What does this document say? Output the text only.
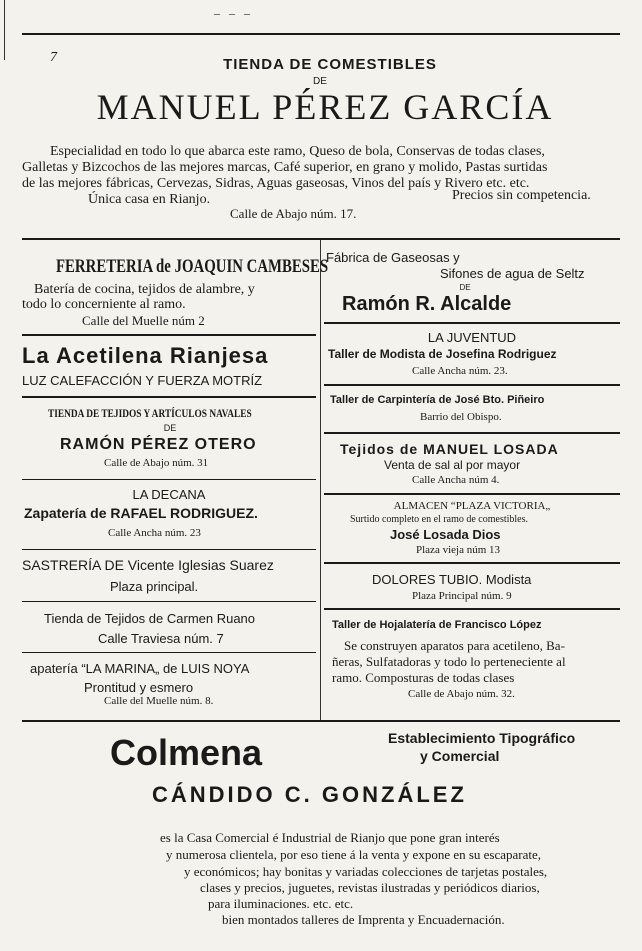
– – –
7	TIENDA DE COMESTIBLES
DE
MANUEL PÉREZ GARCÍA
Especialidad en todo lo que abarca este ramo, Queso de bola, Conservas de todas clases,
Galletas y Bizcochos de las mejores marcas, Café superior, en grano y molido, Pastas surtidas
de las mejores fábricas, Cervezas, Sidras, Aguas gaseosas, Vinos del país y Rivero etc. etc.
Única casa en Rianjo.	Precios sin competencia.
Calle de Abajo núm. 17.
FERRETERIA de JOAQUIN CAMBESES
Batería de cocina, tejidos de alambre, y
todo lo concerniente al ramo.
Calle del Muelle núm 2
La Acetilena Rianjesa
LUZ CALEFACCIÓN Y FUERZA MOTRÍZ
TIENDA DE TEJIDOS Y ARTÍCULOS NAVALES
DE
RAMÓN PÉREZ OTERO
Calle de Abajo núm. 31
LA DECANA
Zapatería de RAFAEL RODRIGUEZ.
Calle Ancha núm. 23
SASTRERÍA DE Vicente Iglesias Suarez
Plaza principal.
Tienda de Tejidos de Carmen Ruano
Calle Traviesa núm. 7
apatería “LA MARINA„ de LUIS NOYA
Prontitud y esmero
Calle del Muelle núm. 8.
Fábrica de Gaseosas y
Sifones de agua de Seltz
DE
Ramón R. Alcalde
LA JUVENTUD
Taller de Modista de Josefina Rodriguez
Calle Ancha núm. 23.
Taller de Carpintería de José Bto. Piñeiro
Barrio del Obispo.
Tejidos de MANUEL LOSADA
Venta de sal al por mayor
Calle Ancha núm 4.
ALMACEN “PLAZA VICTORIA„
Surtido completo en el ramo de comestibles.
José Losada Dios
Plaza vieja núm 13
DOLORES TUBIO. Modista
Plaza Principal núm. 9
Taller de Hojalatería de Francisco López
Se construyen aparatos para acetileno, Ba-
ñeras, Sulfatadoras y todo lo perteneciente al
ramo. Composturas de todas clases
Calle de Abajo núm. 32.
Colmena	Establecimiento Tipográfico
y Comercial
CÁNDIDO C. GONZÁLEZ
es la Casa Comercial é Industrial de Rianjo que pone gran interés
y numerosa clientela, por eso tiene á la venta y expone en su escaparate,
y económicos; hay bonitas y variadas colecciones de tarjetas postales,
clases y precios, juguetes, revistas ilustradas y periódicos diarios,
para iluminaciones. etc. etc.
bien montados talleres de Imprenta y Encuadernación.
